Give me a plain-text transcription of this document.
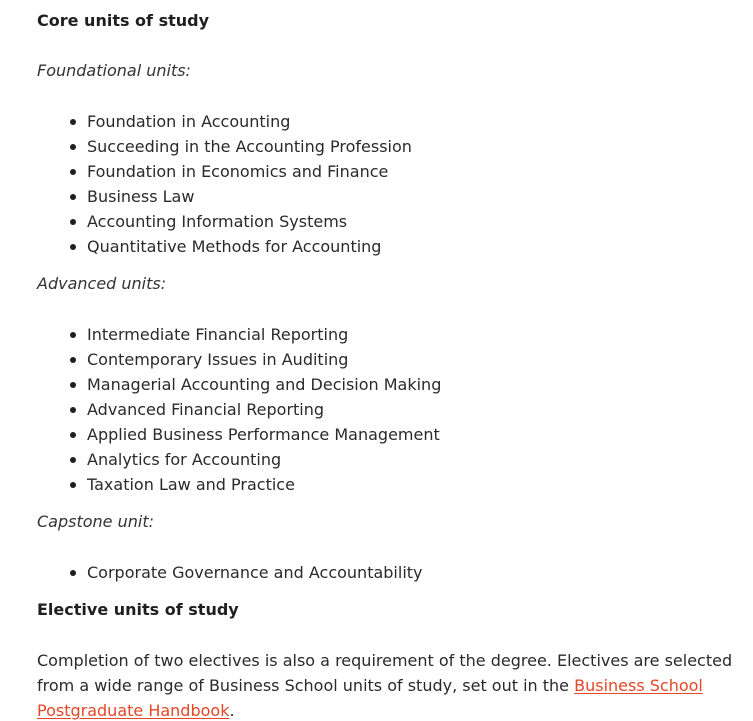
Core units of study

Foundational units:

Foundation in Accounting
Succeeding in the Accounting Profession
Foundation in Economics and Finance
Business Law
Accounting Information Systems
Quantitative Methods for Accounting

Advanced units:

Intermediate Financial Reporting
Contemporary Issues in Auditing
Managerial Accounting and Decision Making
Advanced Financial Reporting
Applied Business Performance Management
Analytics for Accounting
Taxation Law and Practice

Capstone unit:

Corporate Governance and Accountability
Elective units of study

Completion of two electives is also a requirement of the degree. Electives are selected from a wide range of Business School units of study, set out in the Business School Postgraduate Handbook.
